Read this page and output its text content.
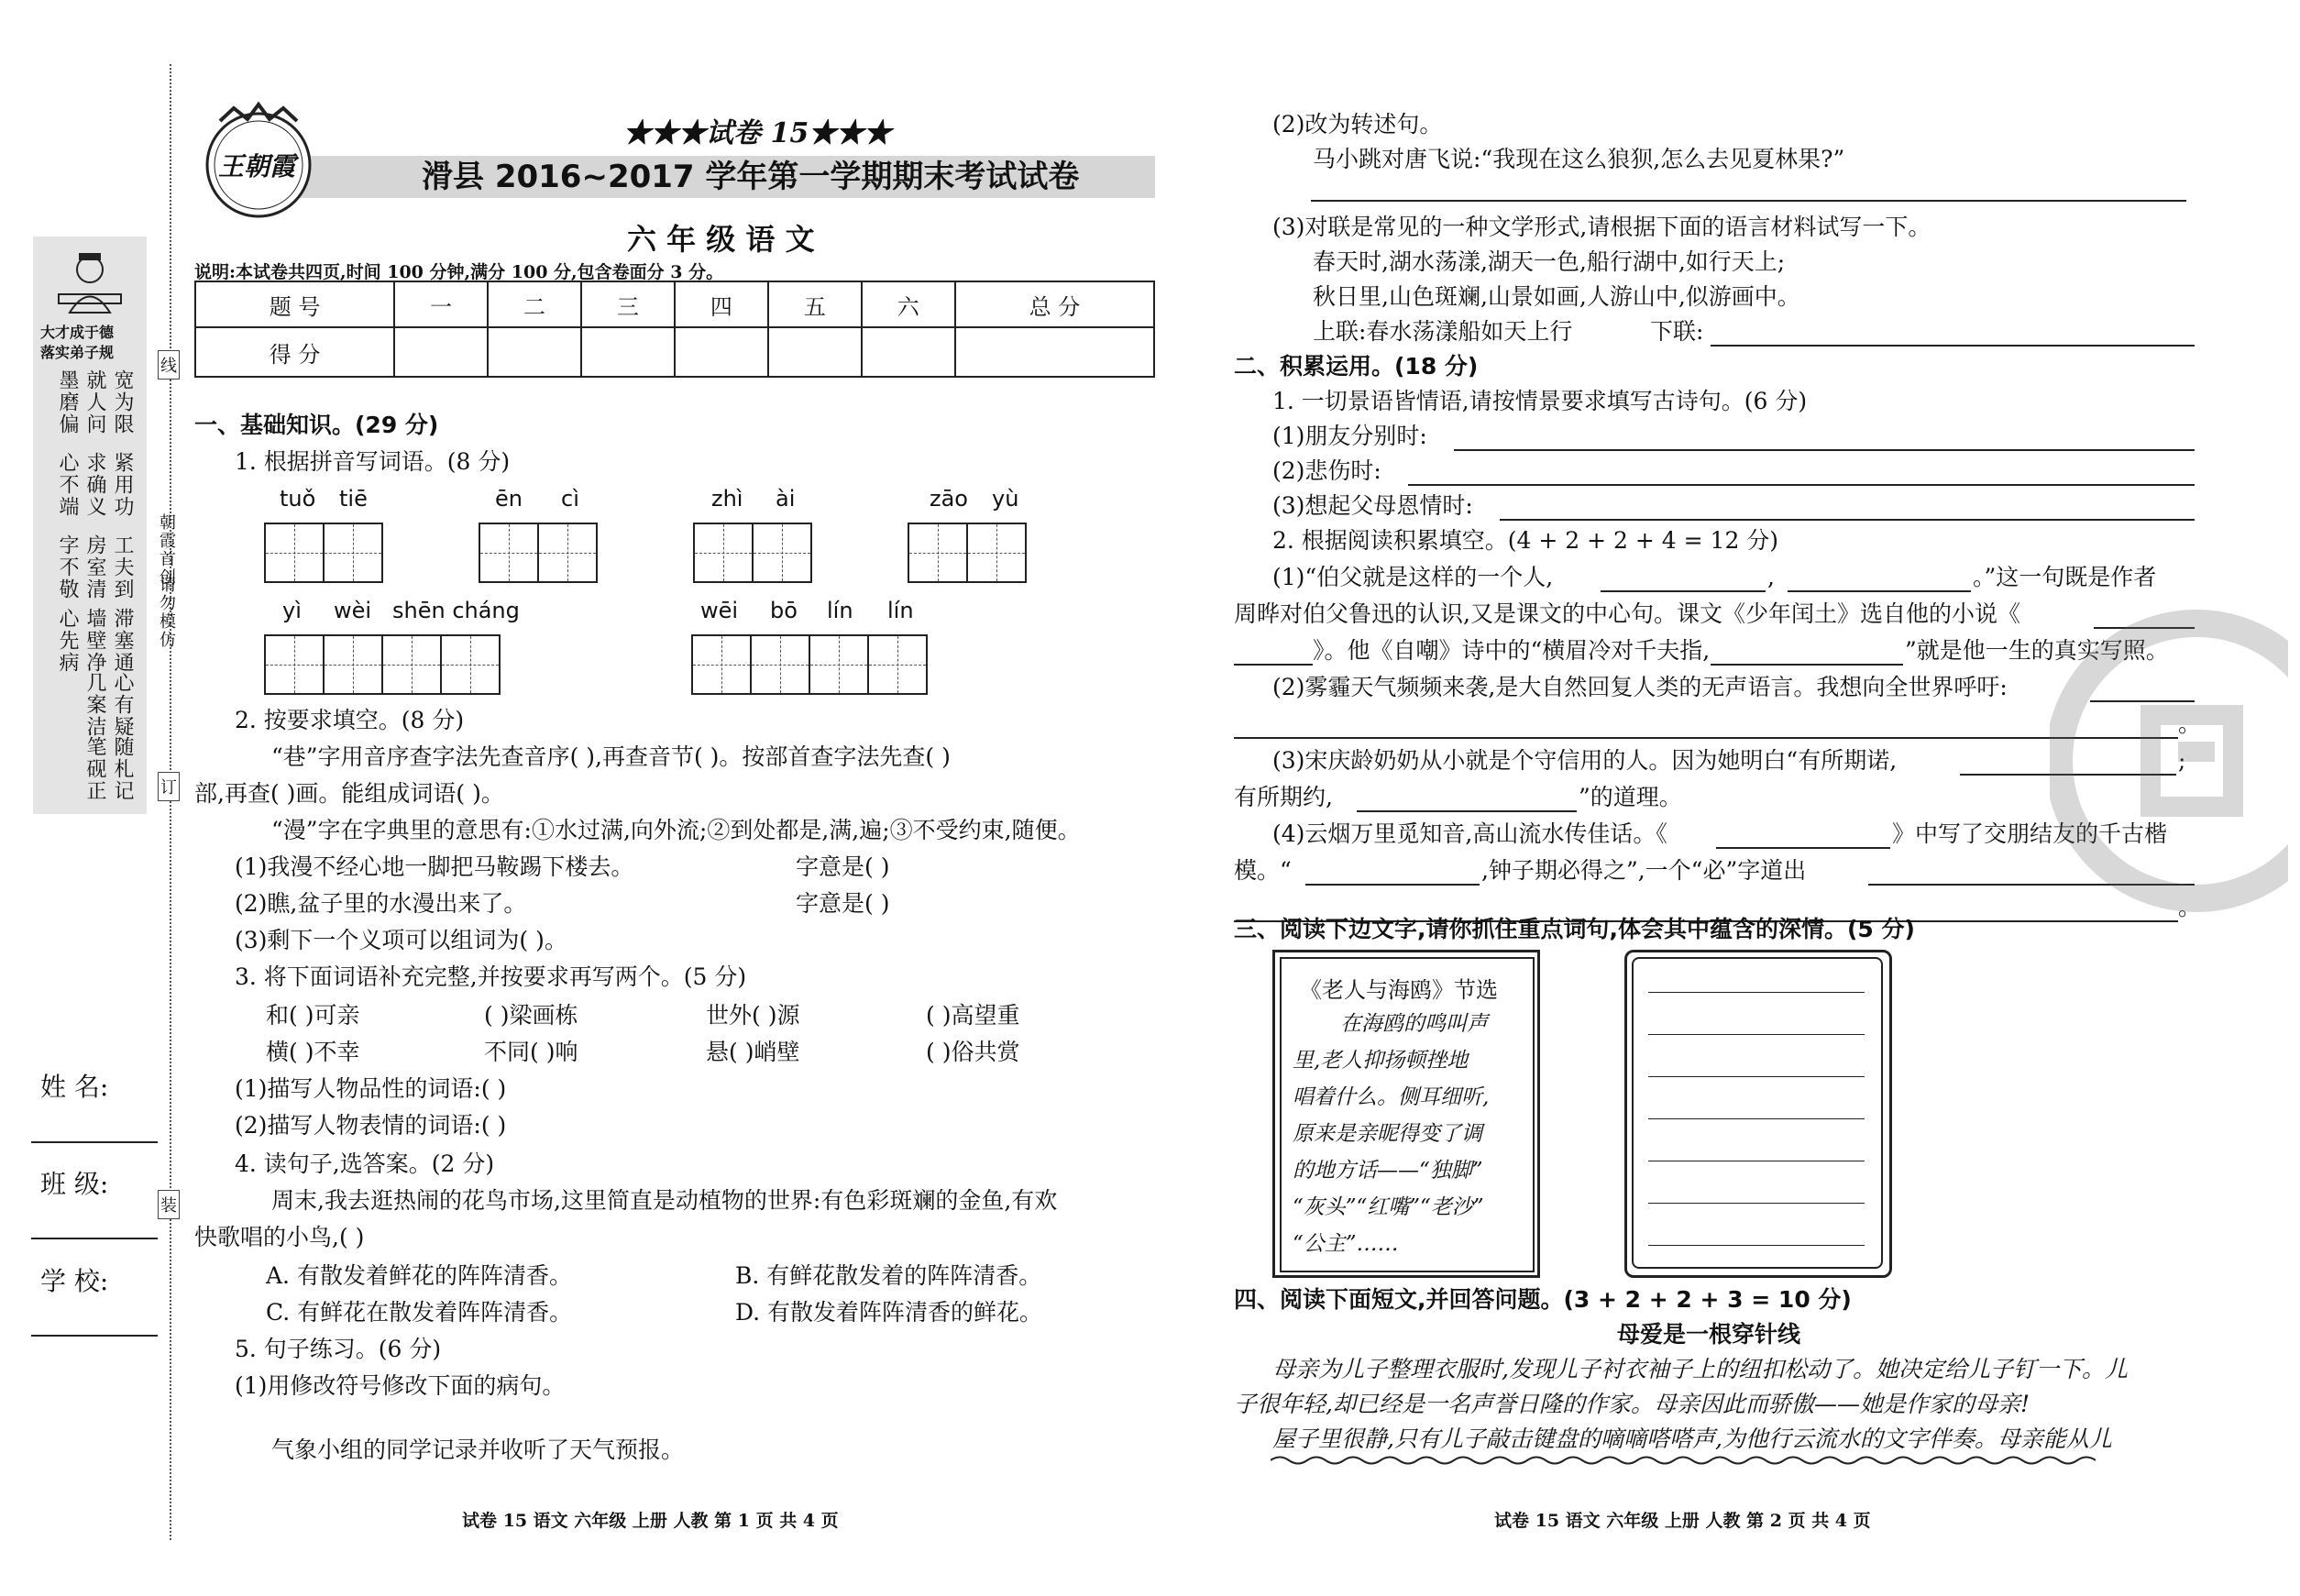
线
订
装
大才成于德
落实弟子规
墨磨偏 就人问 宽为限
心不端 求确义 紧用功
字不敬 房室清 工夫到
心先病 墙壁净 滞塞通
几案洁 心有疑
笔砚正 随札记
朝霞首创
请勿模仿
姓 名:
班 级:
学 校:
王朝霞
★★★试卷 15★★★
滑县 2016~2017 学年第一学期期末考试试卷
六 年 级 语 文
说明:本试卷共四页,时间 100 分钟,满分 100 分,包含卷面分 3 分。
题 号	一	二	三	四	五	六	总 分
得 分							
一、基础知识。(29 分)
1. 根据拼音写词语。(8 分)
tuǒ tiē	ēn cì	zhì ài	zāo yù
yì wèi shēn cháng	wēi bō lín lín
2. 按要求填空。(8 分)
“巷”字用音序查字法先查音序( ),再查音节( )。按部首查字法先查( )
部,再查( )画。能组成词语( )。
“漫”字在字典里的意思有:①水过满,向外流;②到处都是,满,遍;③不受约束,随便。
(1)我漫不经心地一脚把马鞍踢下楼去。	字意是( )
(2)瞧,盆子里的水漫出来了。	字意是( )
(3)剩下一个义项可以组词为( )。
3. 将下面词语补充完整,并按要求再写两个。(5 分)
和( )可亲	( )梁画栋	世外( )源	( )高望重
横( )不幸	不同( )响	悬( )峭壁	( )俗共赏
(1)描写人物品性的词语:( )
(2)描写人物表情的词语:( )
4. 读句子,选答案。(2 分)
周末,我去逛热闹的花鸟市场,这里简直是动植物的世界:有色彩斑斓的金鱼,有欢
快歌唱的小鸟,( )
A. 有散发着鲜花的阵阵清香。	B. 有鲜花散发着的阵阵清香。
C. 有鲜花在散发着阵阵清香。	D. 有散发着阵阵清香的鲜花。
5. 句子练习。(6 分)
(1)用修改符号修改下面的病句。
气象小组的同学记录并收听了天气预报。
试卷 15 语文 六年级 上册 人教 第 1 页 共 4 页
(2)改为转述句。
马小跳对唐飞说:“我现在这么狼狈,怎么去见夏林果?”
(3)对联是常见的一种文学形式,请根据下面的语言材料试写一下。
春天时,湖水荡漾,湖天一色,船行湖中,如行天上;
秋日里,山色斑斓,山景如画,人游山中,似游画中。
上联:春水荡漾船如天上行	下联:
二、积累运用。(18 分)
1. 一切景语皆情语,请按情景要求填写古诗句。(6 分)
(1)朋友分别时:
(2)悲伤时:
(3)想起父母恩情时:
2. 根据阅读积累填空。(4 + 2 + 2 + 4 = 12 分)
(1)“伯父就是这样的一个人,	,	。”这一句既是作者
周晔对伯父鲁迅的认识,又是课文的中心句。课文《少年闰土》选自他的小说《
》。他《自嘲》诗中的“横眉冷对千夫指,	”就是他一生的真实写照。
(2)雾霾天气频频来袭,是大自然回复人类的无声语言。我想向全世界呼吁:
。
(3)宋庆龄奶奶从小就是个守信用的人。因为她明白“有所期诺,	;
有所期约,	”的道理。
(4)云烟万里觅知音,高山流水传佳话。《	》中写了交朋结友的千古楷
模。“	,钟子期必得之”,一个“必”字道出
。
三、阅读下边文字,请你抓住重点词句,体会其中蕴含的深情。(5 分)
《老人与海鸥》节选
在海鸥的鸣叫声
里,老人抑扬顿挫地
唱着什么。侧耳细听,
原来是亲昵得变了调
的地方话——“独脚”
“灰头”“红嘴”“老沙”
“公主”……
四、阅读下面短文,并回答问题。(3 + 2 + 2 + 3 = 10 分)
母爱是一根穿针线
母亲为儿子整理衣服时,发现儿子衬衣袖子上的纽扣松动了。她决定给儿子钉一下。儿
子很年轻,却已经是一名声誉日隆的作家。母亲因此而骄傲——她是作家的母亲!
屋子里很静,只有儿子敲击键盘的嘀嘀嗒嗒声,为他行云流水的文字伴奏。母亲能从儿
试卷 15 语文 六年级 上册 人教 第 2 页 共 4 页
